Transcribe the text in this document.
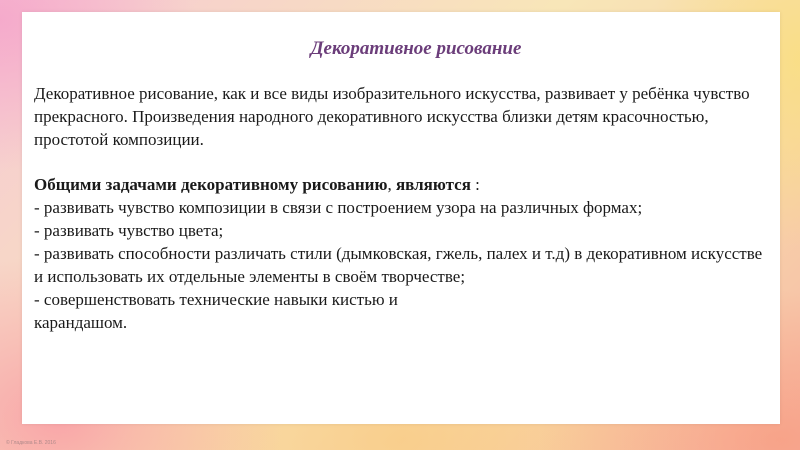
Декоративное рисование

Декоративное рисование, как и все виды изобразительного искусства, развивает у ребёнка чувство прекрасного. Произведения народного декоративного искусства близки детям красочностью, простотой композиции.

Общими задачами декоративному рисованию, являются :

- развивать чувство композиции в связи с построением узора на различных формах;

- развивать чувство цвета;

- развивать способности различать стили (дымковская, гжель, палех и т.д) в декоративном искусстве и использовать их отдельные элементы в своём творчестве;

- совершенствовать технические навыки кистью и

карандашом.

© Гладкова Е.В. 2016
